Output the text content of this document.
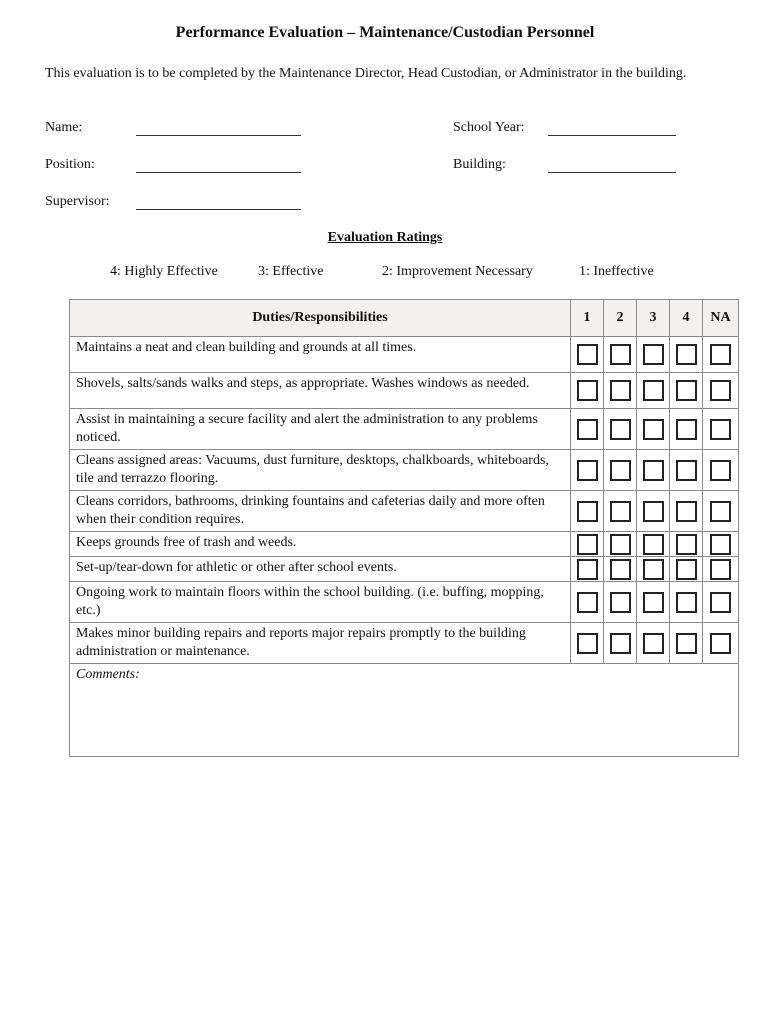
Performance Evaluation – Maintenance/Custodian Personnel
This evaluation is to be completed by the Maintenance Director, Head Custodian, or Administrator in the building.
Name:	School Year:
Position:	Building:
Supervisor:
Evaluation Ratings
4: Highly Effective	3: Effective	2: Improvement Necessary	1: Ineffective
Duties/Responsibilities	1	2	3	4	NA
Maintains a neat and clean building and grounds at all times.					
Shovels, salts/sands walks and steps, as appropriate. Washes windows as needed.					
Assist in maintaining a secure facility and alert the administration to any problems noticed.					
Cleans assigned areas: Vacuums, dust furniture, desktops, chalkboards, whiteboards, tile and terrazzo flooring.					
Cleans corridors, bathrooms, drinking fountains and cafeterias daily and more often when their condition requires.					
Keeps grounds free of trash and weeds.					
Set-up/tear-down for athletic or other after school events.					
Ongoing work to maintain floors within the school building. (i.e. buffing, mopping, etc.)					
Makes minor building repairs and reports major repairs promptly to the building administration or maintenance.					
Comments:					
